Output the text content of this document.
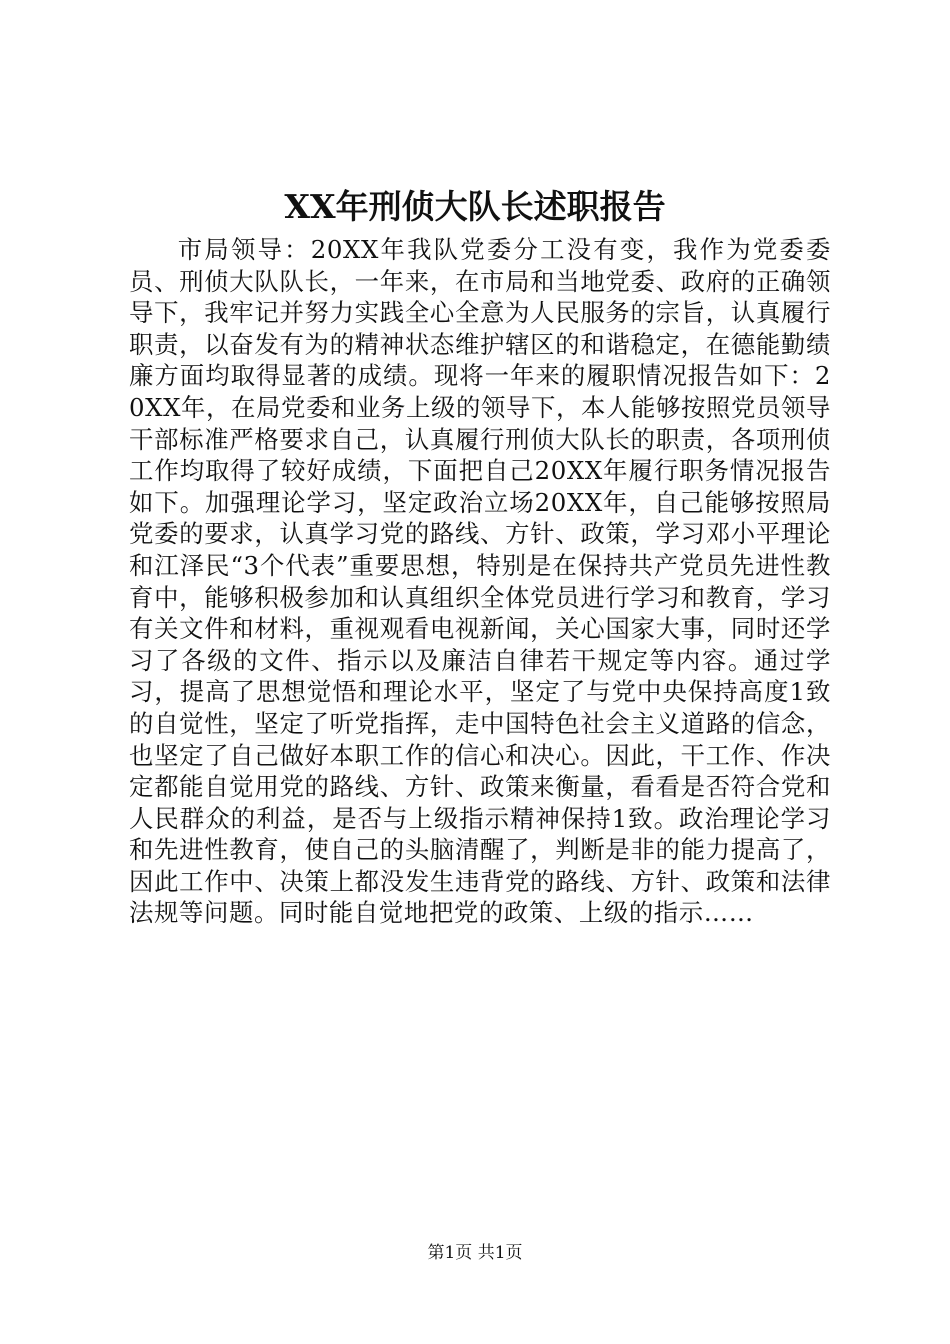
XX年刑侦大队长述职报告

市局领导：20XX年我队党委分工没有变，我作为党委委员、刑侦大队队长，一年来，在市局和当地党委、政府的正确领导下，我牢记并努力实践全心全意为人民服务的宗旨，认真履行职责，以奋发有为的精神状态维护辖区的和谐稳定，在德能勤绩廉方面均取得显著的成绩。现将一年来的履职情况报告如下：20XX年，在局党委和业务上级的领导下，本人能够按照党员领导干部标准严格要求自己，认真履行刑侦大队长的职责，各项刑侦工作均取得了较好成绩，下面把自己20XX年履行职务情况报告如下。加强理论学习，坚定政治立场20XX年，自己能够按照局党委的要求，认真学习党的路线、方针、政策，学习邓小平理论和江泽民“3个代表”重要思想，特别是在保持共产党员先进性教育中，能够积极参加和认真组织全体党员进行学习和教育，学习有关文件和材料，重视观看电视新闻，关心国家大事，同时还学习了各级的文件、指示以及廉洁自律若干规定等内容。通过学习，提高了思想觉悟和理论水平，坚定了与党中央保持高度1致的自觉性，坚定了听党指挥，走中国特色社会主义道路的信念，也坚定了自己做好本职工作的信心和决心。因此，干工作、作决定都能自觉用党的路线、方针、政策来衡量，看看是否符合党和人民群众的利益，是否与上级指示精神保持1致。政治理论学习和先进性教育，使自己的头脑清醒了，判断是非的能力提高了，因此工作中、决策上都没发生违背党的路线、方针、政策和法律法规等问题。同时能自觉地把党的政策、上级的指示……

第1页 共1页
